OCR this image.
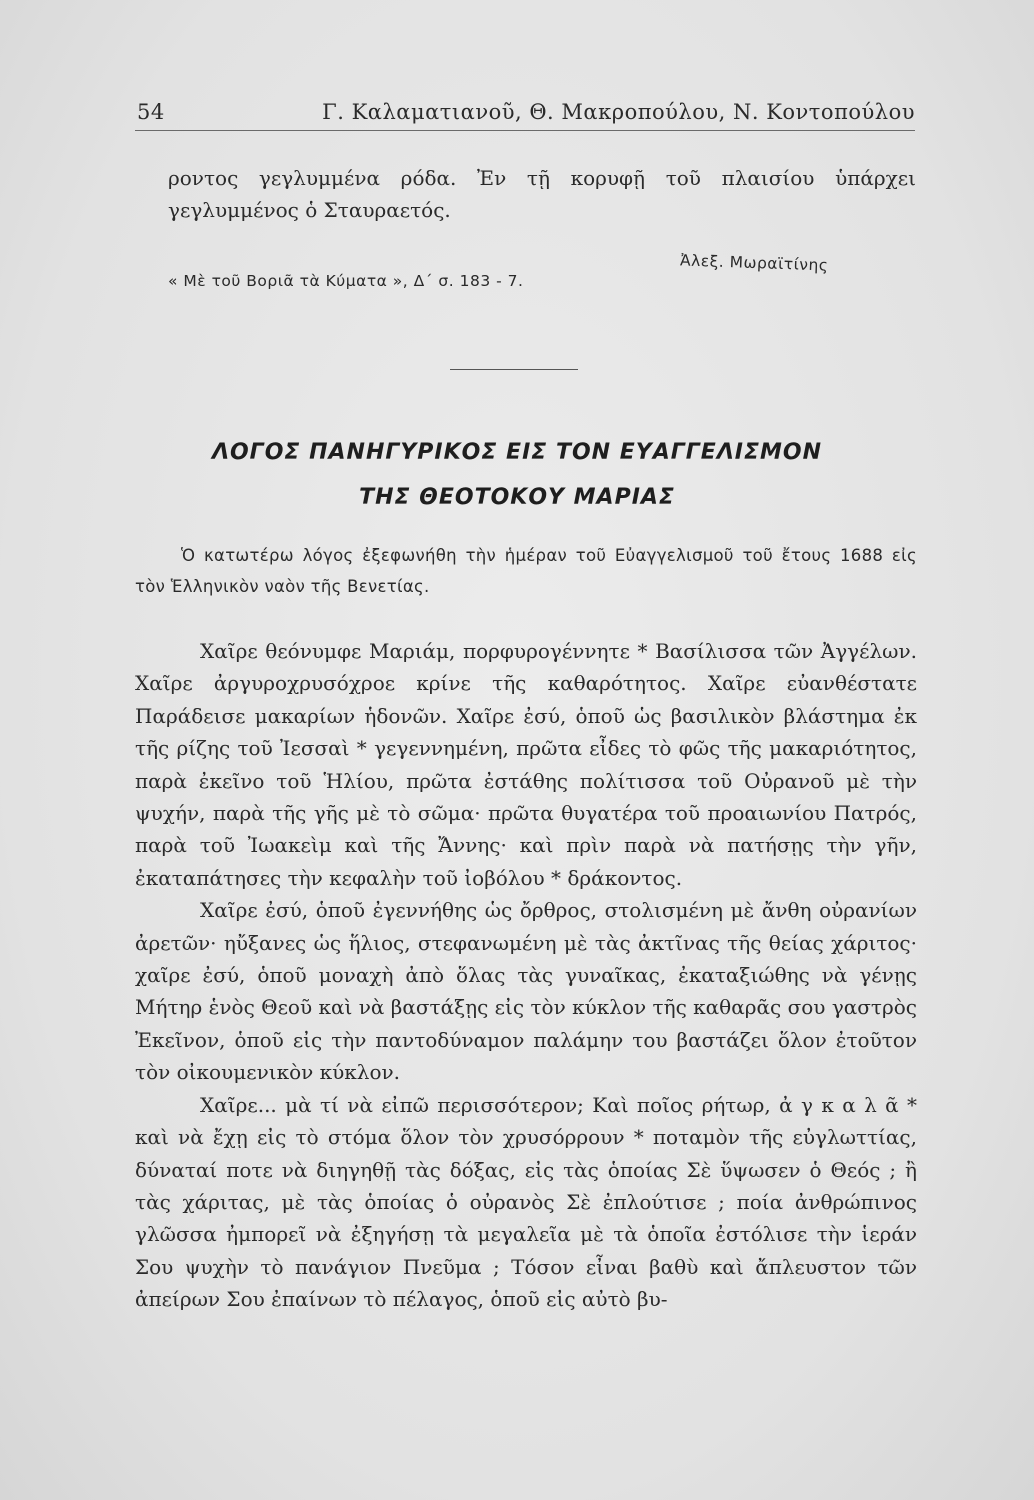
54	Γ. Καλαματιανοῦ, Θ. Μακροπούλου, Ν. Κοντοπούλου
ροντος γεγλυμμένα ρόδα. Ἐν τῇ κορυφῇ τοῦ πλαισίου ὑπάρχει γεγλυμμένος ὁ Σταυραετός.
Ἀλεξ. Μωραϊτίνης
« Μὲ τοῦ Βοριᾶ τὰ Κύματα », Δ΄ σ. 183 - 7.
ΛΟΓΟΣ ΠΑΝΗΓΥΡΙΚΟΣ ΕΙΣ ΤΟΝ ΕΥΑΓΓΕΛΙΣΜΟΝ
ΤΗΣ ΘΕΟΤΟΚΟΥ ΜΑΡΙΑΣ
Ὁ κατωτέρω λόγος ἐξεφωνήθη τὴν ἡμέραν τοῦ Εὐαγγελισμοῦ τοῦ ἔτους 1688 εἰς τὸν Ἑλληνικὸν ναὸν τῆς Βενετίας.

Χαῖρε θεόνυμφε Μαριάμ, πορφυρογέννητε * Βασίλισσα τῶν Ἀγγέλων. Χαῖρε ἀργυροχρυσόχροε κρίνε τῆς καθαρότητος. Χαῖρε εὐανθέστατε Παράδεισε μακαρίων ἡδονῶν. Χαῖρε ἐσύ, ὁποῦ ὡς βασιλικὸν βλάστημα ἐκ τῆς ρίζης τοῦ Ἰεσσαὶ * γεγεννημένη, πρῶτα εἶδες τὸ φῶς τῆς μακαριότητος, παρὰ ἐκεῖνο τοῦ Ἡλίου, πρῶτα ἐστάθης πολίτισσα τοῦ Οὐρανοῦ μὲ τὴν ψυχήν, παρὰ τῆς γῆς μὲ τὸ σῶμα· πρῶτα θυγατέρα τοῦ προαιωνίου Πατρός, παρὰ τοῦ Ἰωακεὶμ καὶ τῆς Ἄννης· καὶ πρὶν παρὰ νὰ πατήσῃς τὴν γῆν, ἐκαταπάτησες τὴν κεφαλὴν τοῦ ἰοβόλου * δράκοντος.

Χαῖρε ἐσύ, ὁποῦ ἐγεννήθης ὡς ὄρθρος, στολισμένη μὲ ἄνθη οὐρανίων ἀρετῶν· ηὔξανες ὡς ἥλιος, στεφανωμένη μὲ τὰς ἀκτῖνας τῆς θείας χάριτος· χαῖρε ἐσύ, ὁποῦ μοναχὴ ἀπὸ ὅλας τὰς γυναῖκας, ἐκαταξιώθης νὰ γένῃς Μήτηρ ἑνὸς Θεοῦ καὶ νὰ βαστάξῃς εἰς τὸν κύκλον τῆς καθαρᾶς σου γαστρὸς Ἐκεῖνον, ὁποῦ εἰς τὴν παντοδύναμον παλάμην του βαστάζει ὅλον ἐτοῦτον τὸν οἰκουμενικὸν κύκλον.

Χαῖρε... μὰ τί νὰ εἰπῶ περισσότερον; Καὶ ποῖος ρήτωρ, ἀ γ κ α λ ᾶ * καὶ νὰ ἔχῃ εἰς τὸ στόμα ὅλον τὸν χρυσόρρουν * ποταμὸν τῆς εὐγλωττίας, δύναταί ποτε νὰ διηγηθῇ τὰς δόξας, εἰς τὰς ὁποίας Σὲ ὕψωσεν ὁ Θεός ; ἢ τὰς χάριτας, μὲ τὰς ὁποίας ὁ οὐρανὸς Σὲ ἐπλούτισε ; ποία ἀνθρώπινος γλῶσσα ἠμπορεῖ νὰ ἐξηγήσῃ τὰ μεγαλεῖα μὲ τὰ ὁποῖα ἐστόλισε τὴν ἱεράν Σου ψυχὴν τὸ πανάγιον Πνεῦμα ; Τόσον εἶναι βαθὺ καὶ ἄπλευστον τῶν ἀπείρων Σου ἐπαίνων τὸ πέλαγος, ὁποῦ εἰς αὐτὸ βυ-
